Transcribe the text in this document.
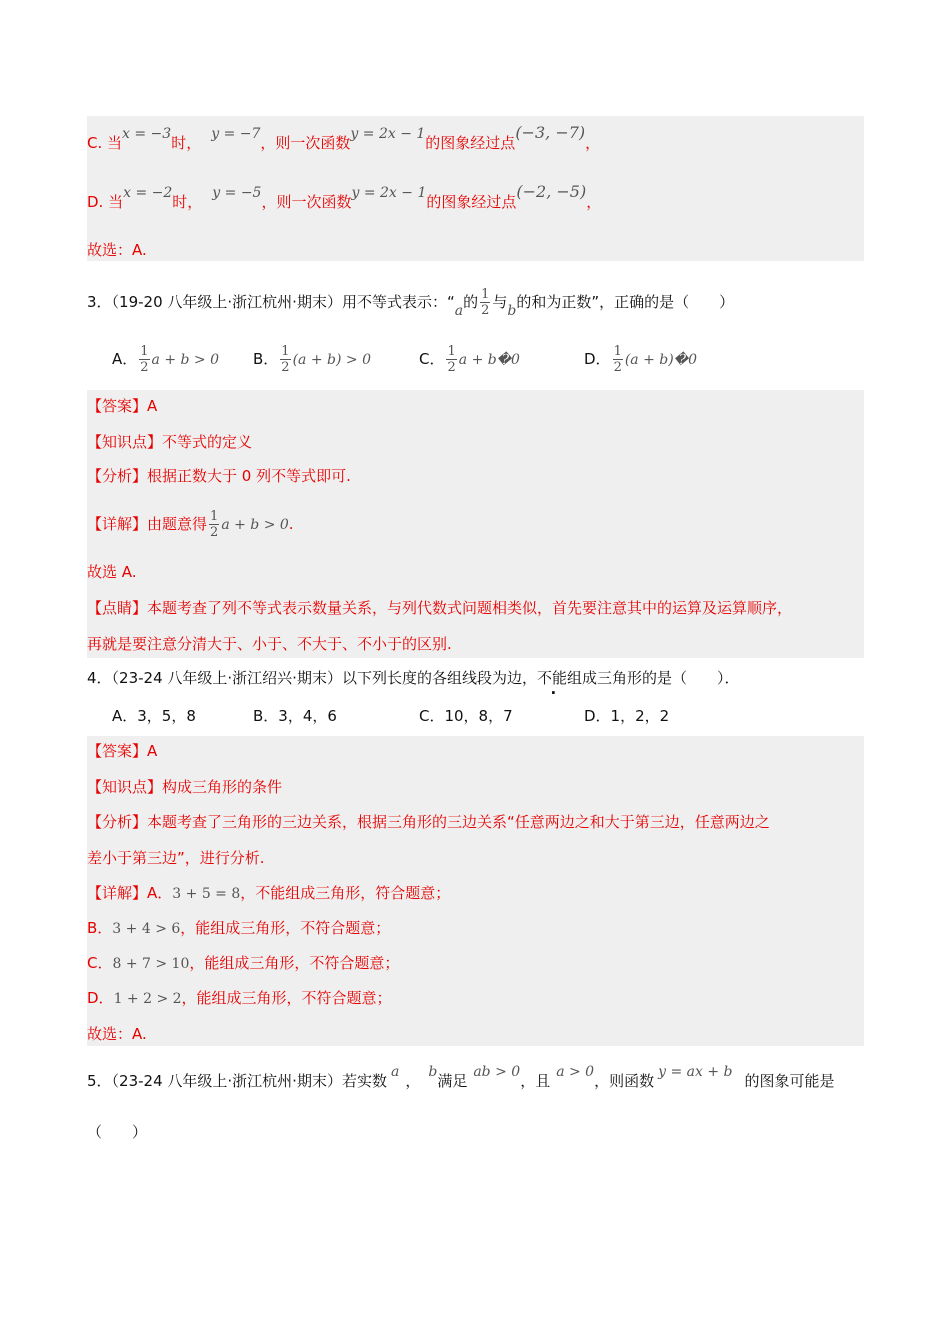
C. 当x = −3时， y = −7，则一次函数y = 2x − 1的图象经过点(−3, −7)，
D. 当x = −2时， y = −5，则一次函数y = 2x − 1的图象经过点(−2, −5)，
故选：A.
3．（19-20 八年级上·浙江杭州·期末）用不等式表示：“a的 $\frac{1}{2}$ 与b的和为正数”，正确的是（　　）
A． $\frac{1}{2}$ a + b > 0 B． $\frac{1}{2} (a + b) > 0$	C． $\frac{1}{2}$ a + b�0	D． $\frac{1}{2} (a$ + b)�0
【答案】A
【知识点】不等式的定义
【分析】根据正数大于 0 列不等式即可.
【详解】由题意得 $\frac{1}{2}$ a + b > 0.
故选 A.
【点睛】本题考查了列不等式表示数量关系，与列代数式问题相类似，首先要注意其中的运算及运算顺序，
再就是要注意分清大于、小于、不大于、不小于的区别.
4．（23-24 八年级上·浙江绍兴·期末）以下列长度的各组线段为边，不能组成三角形的是（　　）．
A．3，5，8	B．3，4，6	C．10，8，7	D．1，2，2
【答案】A
【知识点】构成三角形的条件
【分析】本题考查了三角形的三边关系，根据三角形的三边关系“任意两边之和大于第三边，任意两边之
差小于第三边”，进行分析.
【详解】A．3 + 5 = 8，不能组成三角形，符合题意；
B．3 + 4 > 6，能组成三角形，不符合题意；
C．8 + 7 > 10，能组成三角形，不符合题意；
D．1 + 2 > 2，能组成三角形，不符合题意；
故选：A.
5．（23-24 八年级上·浙江杭州·期末）若实数 a ， b满足 ab > 0，且 a > 0，则函数 y = ax + b 的图象可能是
（　　）
